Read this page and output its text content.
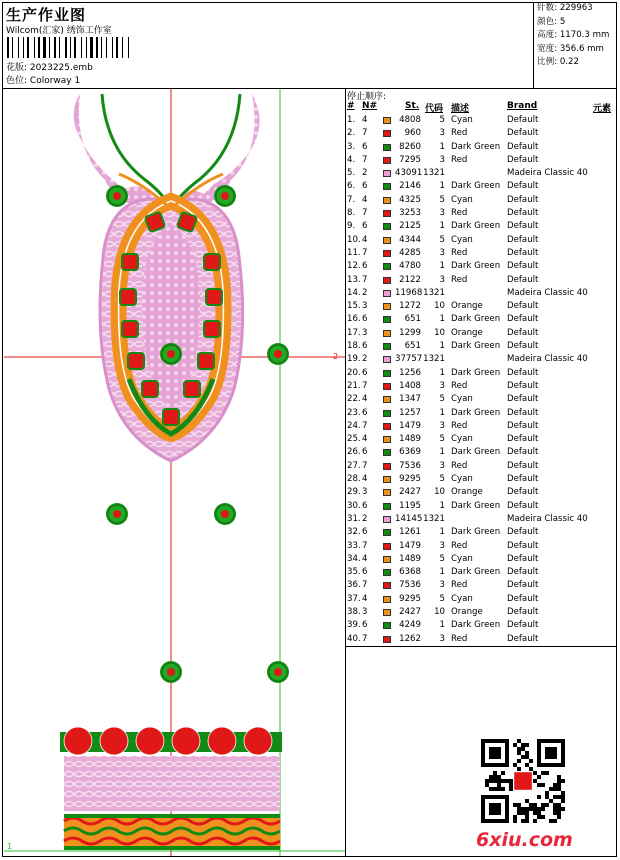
生产作业图
Wilcom(汇家) 绣饰工作室
花版: 2023225.emb
色位: Colorway 1
针数: 229963
颜色: 5
高度: 1170.3 mm
宽度: 356.6 mm
比例: 0.22
停止顺序:
# N#	St. 代码 描述	Brand	元素
1. 4	4808	5 Cyan	Default
2. 7	960	3 Red	Default
3. 6	8260	1 Dark Green Default
4. 7	7295	3 Red	Default
5. 2	43091 1321	Madeira Classic 40
6. 6	2146	1 Dark Green Default
7. 4	4325	5 Cyan	Default
8. 7	3253	3 Red	Default
9. 6	2125	1 Dark Green Default
10. 4	4344	5 Cyan	Default
11. 7	4285	3 Red	Default
12. 6	4780	1 Dark Green Default
13. 7	2122	3 Red	Default
14. 2	11968 1321	Madeira Classic 40
15. 3	1272	10 Orange	Default
16. 6	651	1 Dark Green Default
17. 3	1299	10 Orange	Default
18. 6	651	1 Dark Green Default
19. 2	37757 1321	Madeira Classic 40
20. 6	1256	1 Dark Green Default
21. 7	1408	3 Red	Default
22. 4	1347	5 Cyan	Default
23. 6	1257	1 Dark Green Default
24. 7	1479	3 Red	Default
25. 4	1489	5 Cyan	Default
26. 6	6369	1 Dark Green Default
27. 7	7536	3 Red	Default
28. 4	9295	5 Cyan	Default
29. 3	2427	10 Orange	Default
30. 6	1195	1 Dark Green Default
31. 2	14145 1321	Madeira Classic 40
32. 6	1261	1 Dark Green Default
33. 7	1479	3 Red	Default
34. 4	1489	5 Cyan	Default
35. 6	6368	1 Dark Green Default
36. 7	7536	3 Red	Default
37. 4	9295	5 Cyan	Default
38. 3	2427	10 Orange	Default
39. 6	4249	1 Dark Green Default
40. 7	1262	3 Red	Default
2
1	6xiu.com
